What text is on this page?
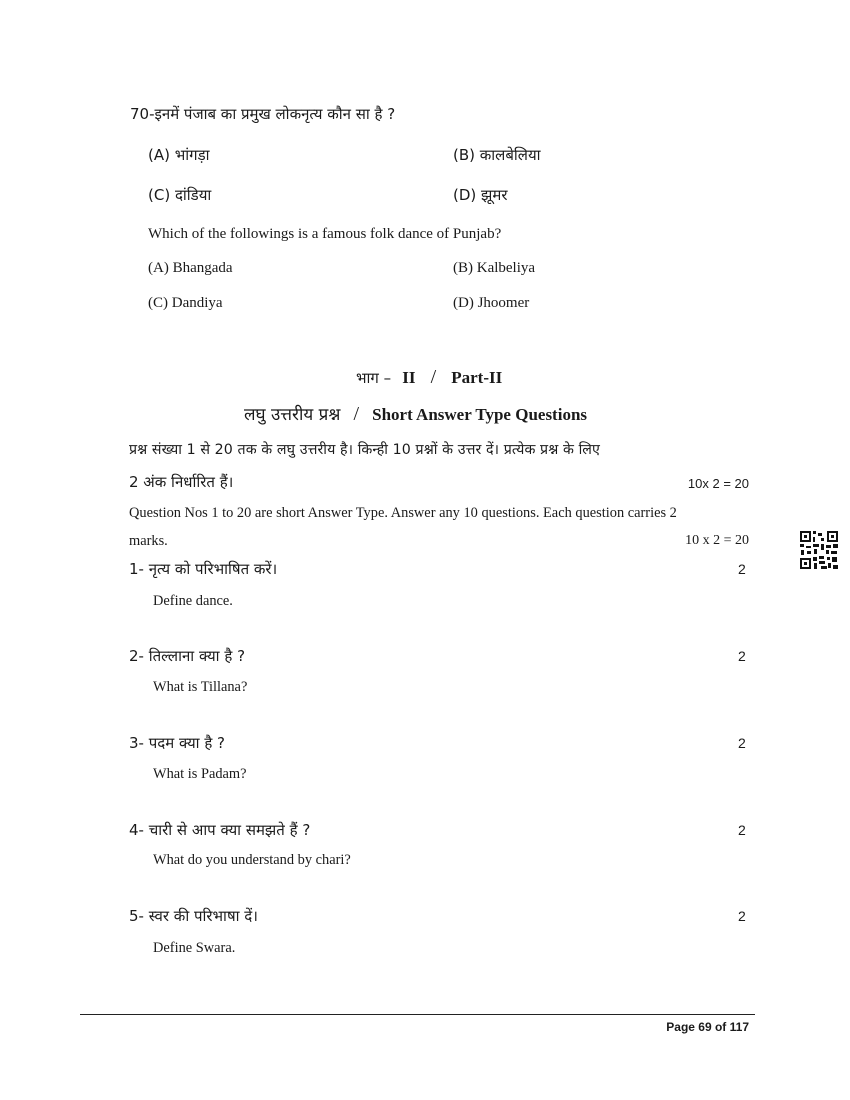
70-इनमें पंजाब का प्रमुख लोकनृत्य कौन सा है ?
(A) भांगड़ा	(B) कालबेलिया
(C) दांडिया	(D) झूमर
Which of the followings is a famous folk dance of Punjab?
(A) Bhangada	(B) Kalbeliya
(C) Dandiya	(D) Jhoomer
भाग – II / Part-II
लघु उत्तरीय प्रश्न / Short Answer Type Questions
प्रश्न संख्या 1 से 20 तक के लघु उत्तरीय है। किन्ही 10 प्रश्नों के उत्तर दें। प्रत्येक प्रश्न के लिए
2 अंक निर्धारित हैं।	10x 2 = 20
Question Nos 1 to 20 are short Answer Type. Answer any 10 questions. Each question carries 2
marks.	10 x 2 = 20
1- नृत्य को परिभाषित करें।	2
Define dance.
2- तिल्लाना क्या है ?	2
What is Tillana?
3- पदम क्या है ?	2
What is Padam?
4- चारी से आप क्या समझते हैं ?	2
What do you understand by chari?
5- स्वर की परिभाषा दें।	2
Define Swara.
Page 69 of 117
